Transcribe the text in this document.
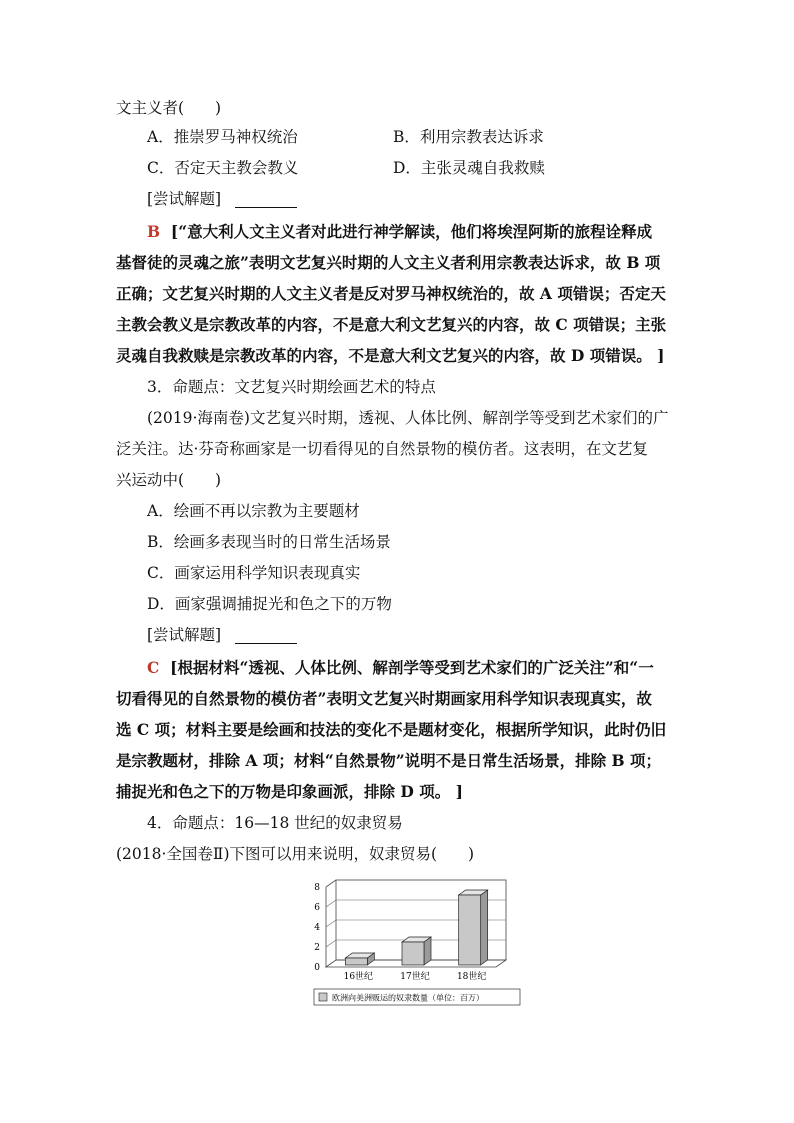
文主义者(　　)
A．推崇罗马神权统治	B．利用宗教表达诉求
C．否定天主教会教义	D．主张灵魂自我救赎
[尝试解题]
B [“意大利人文主义者对此进行神学解读，他们将埃涅阿斯的旅程诠释成
基督徒的灵魂之旅”表明文艺复兴时期的人文主义者利用宗教表达诉求，故 B 项
正确；文艺复兴时期的人文主义者是反对罗马神权统治的，故 A 项错误；否定天
主教会教义是宗教改革的内容，不是意大利文艺复兴的内容，故 C 项错误；主张
灵魂自我救赎是宗教改革的内容，不是意大利文艺复兴的内容，故 D 项错误。 ]
3．命题点：文艺复兴时期绘画艺术的特点
(2019·海南卷)文艺复兴时期，透视、人体比例、解剖学等受到艺术家们的广
泛关注。达·芬奇称画家是一切看得见的自然景物的模仿者。这表明，在文艺复
兴运动中(　　)
A．绘画不再以宗教为主要题材
B．绘画多表现当时的日常生活场景
C．画家运用科学知识表现真实
D．画家强调捕捉光和色之下的万物
[尝试解题]
C [根据材料“透视、人体比例、解剖学等受到艺术家们的广泛关注”和“一
切看得见的自然景物的模仿者”表明文艺复兴时期画家用科学知识表现真实，故
选 C 项；材料主要是绘画和技法的变化不是题材变化，根据所学知识，此时仍旧
是宗教题材，排除 A 项；材料“自然景物”说明不是日常生活场景，排除 B 项；
捕捉光和色之下的万物是印象画派，排除 D 项。 ]
4．命题点：16—18 世纪的奴隶贸易
(2018·全国卷Ⅱ)下图可以用来说明，奴隶贸易(　　)
0
2
4
6
8
16世纪	17世纪	18世纪
欧洲向美洲贩运的奴隶数量（单位：百万）
